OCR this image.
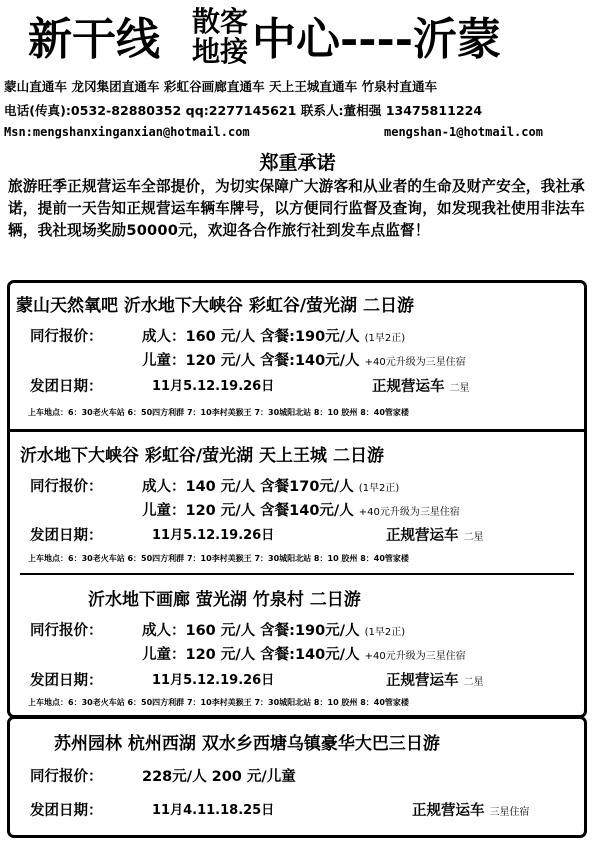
新干线 散客
地接 中心----沂蒙
蒙山直通车 龙冈集团直通车 彩虹谷画廊直通车 天上王城直通车 竹泉村直通车
电话(传真):0532-82880352 qq:2277145621 联系人:董相强 13475811224
Msn:mengshanxinganxian@hotmail.com	mengshan-1@hotmail.com
郑重承诺
旅游旺季正规营运车全部提价，为切实保障广大游客和从业者的生命及财产安全，我社承诺，提前一天告知正规营运车辆车牌号，以方便同行监督及查询，如发现我社使用非法车辆，我社现场奖励50000元，欢迎各合作旅行社到发车点监督！
蒙山天然氧吧 沂水地下大峡谷 彩虹谷/萤光湖 二日游
同行报价：	成人：160 元/人 含餐:190元/人 (1早2正)
儿童：120 元/人 含餐:140元/人 +40元升级为三星住宿
发团日期：	11月5.12.19.26日	正规营运车 二星
上车地点：6：30老火车站 6：50四方利群 7：10李村美猴王 7：30城阳北站 8：10 胶州 8：40管家楼
沂水地下大峡谷 彩虹谷/萤光湖 天上王城 二日游
同行报价：	成人：140 元/人 含餐170元/人 (1早2正)
儿童：120 元/人 含餐140元/人 +40元升级为三星住宿
发团日期：	11月5.12.19.26日	正规营运车 二星
上车地点：6：30老火车站 6：50四方利群 7：10李村美猴王 7：30城阳北站 8：10 胶州 8：40管家楼
沂水地下画廊 萤光湖 竹泉村 二日游
同行报价：	成人：160 元/人 含餐:190元/人 (1早2正)
儿童：120 元/人 含餐:140元/人 +40元升级为三星住宿
发团日期：	11月5.12.19.26日	正规营运车 二星
上车地点：6：30老火车站 6：50四方利群 7：10李村美猴王 7：30城阳北站 8：10 胶州 8：40管家楼
苏州园林 杭州西湖 双水乡西塘乌镇豪华大巴三日游
同行报价：	228元/人 200 元/儿童
发团日期：	11月4.11.18.25日	正规营运车 三星住宿
